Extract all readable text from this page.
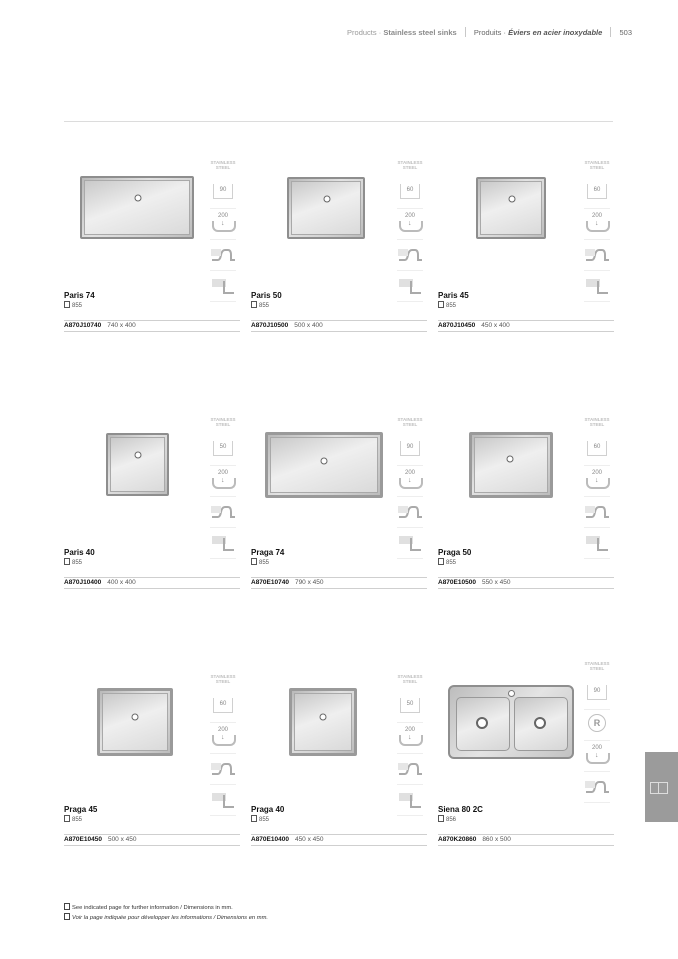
Products · Stainless steel sinks Produits · Éviers en acier inoxydable 503
STAINLESS STEEL
90
200
↓
Paris 74
855
A870J10740 740 x 400
STAINLESS STEEL
60
200
↓
Paris 50
855
A870J10500 500 x 400
STAINLESS STEEL
60
200
↓
Paris 45
855
A870J10450 450 x 400
STAINLESS STEEL
50
200
↓
Paris 40
855
A870J10400 400 x 400
STAINLESS STEEL
90
200
↓
Praga 74
855
A870E10740 790 x 450
STAINLESS STEEL
60
200
↓
Praga 50
855
A870E10500 550 x 450
STAINLESS STEEL
60
200
↓
Praga 45
855
A870E10450 500 x 450
STAINLESS STEEL
50
200
↓
Praga 40
855
A870E10400 450 x 450
STAINLESS STEEL
90
R
200
↓
Siena 80 2C
856
A870K20860 860 x 500
See indicated page for further information / Dimensions in mm.
Voir la page indiquée pour développer les informations / Dimensions en mm.
